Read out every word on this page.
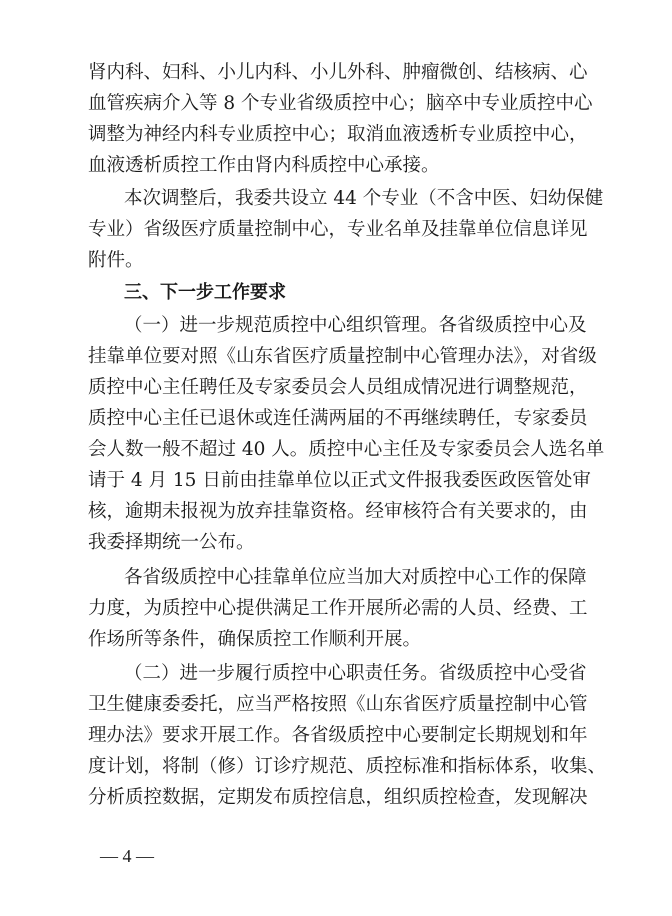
肾内科、妇科、小儿内科、小儿外科、肿瘤微创、结核病、心
血管疾病介入等 8 个专业省级质控中心；脑卒中专业质控中心
调整为神经内科专业质控中心；取消血液透析专业质控中心，
血液透析质控工作由肾内科质控中心承接。
本次调整后，我委共设立 44 个专业（不含中医、妇幼保健
专业）省级医疗质量控制中心，专业名单及挂靠单位信息详见
附件。
三、下一步工作要求
（一）进一步规范质控中心组织管理。各省级质控中心及
挂靠单位要对照《山东省医疗质量控制中心管理办法》，对省级
质控中心主任聘任及专家委员会人员组成情况进行调整规范，
质控中心主任已退休或连任满两届的不再继续聘任，专家委员
会人数一般不超过 40 人。质控中心主任及专家委员会人选名单
请于 4 月 15 日前由挂靠单位以正式文件报我委医政医管处审
核，逾期未报视为放弃挂靠资格。经审核符合有关要求的，由
我委择期统一公布。
各省级质控中心挂靠单位应当加大对质控中心工作的保障
力度，为质控中心提供满足工作开展所必需的人员、经费、工
作场所等条件，确保质控工作顺利开展。
（二）进一步履行质控中心职责任务。省级质控中心受省
卫生健康委委托，应当严格按照《山东省医疗质量控制中心管
理办法》要求开展工作。各省级质控中心要制定长期规划和年
度计划，将制（修）订诊疗规范、质控标准和指标体系，收集、
分析质控数据，定期发布质控信息，组织质控检查，发现解决
— 4 —
